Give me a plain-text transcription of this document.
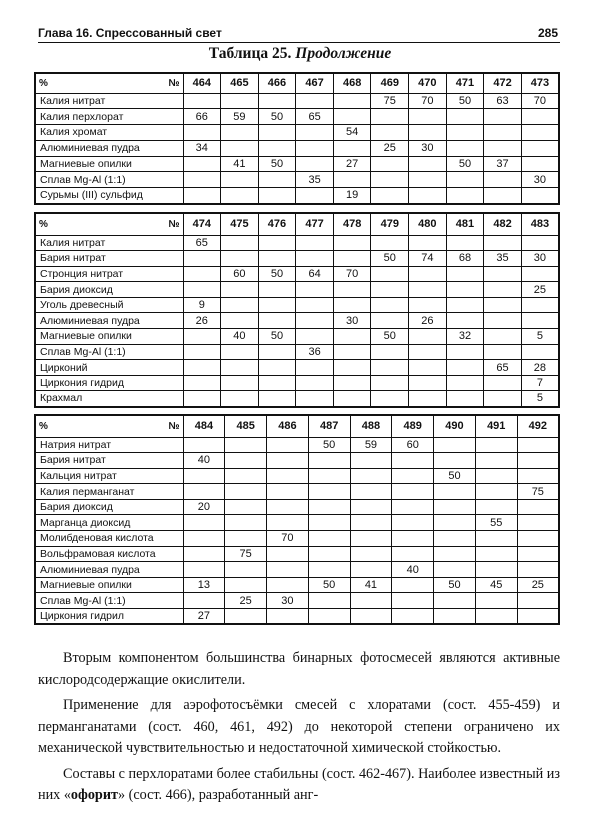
Глава 16. Спрессованный свет	285
Таблица 25. Продолжение
% №	464	465	466	467	468	469	470	471	472	473
Калия нитрат						75	70	50	63	70
Калия перхлорат	66	59	50	65						
Калия хромат					54					
Алюминиевая пудра	34					25	30			
Магниевые опилки		41	50		27			50	37	
Сплав Mg-Al (1:1)				35						30
Сурьмы (III) сульфид					19					
% №	474	475	476	477	478	479	480	481	482	483
Калия нитрат	65									
Бария нитрат						50	74	68	35	30
Стронция нитрат		60	50	64	70					
Бария диоксид										25
Уголь древесный	9									
Алюминиевая пудра	26				30		26			
Магниевые опилки		40	50			50		32		5
Сплав Mg-Al (1:1)				36						
Цирконий									65	28
Циркония гидрид										7
Крахмал										5
% №	484	485	486	487	488	489	490	491	492
Натрия нитрат				50	59	60			
Бария нитрат	40								
Кальция нитрат							50		
Калия перманганат									75
Бария диоксид	20								
Марганца диоксид								55	
Молибденовая кислота			70						
Вольфрамовая кислота		75							
Алюминиевая пудра						40			
Магниевые опилки	13			50	41		50	45	25
Сплав Mg-Al (1:1)		25	30						
Циркония гидрил	27								

Вторым компонентом большинства бинарных фотосмесей являются активные кислородсодержащие окислители.

Применение для аэрофотосъёмки смесей с хлоратами (сост. 455-459) и перманганатами (сост. 460, 461, 492) до некоторой степени ограничено их механической чувствительностью и недостаточной химической стойкостью.

Составы с перхлоратами более стабильны (сост. 462-467). Наиболее известный из них «офорит» (сост. 466), разработанный анг-
